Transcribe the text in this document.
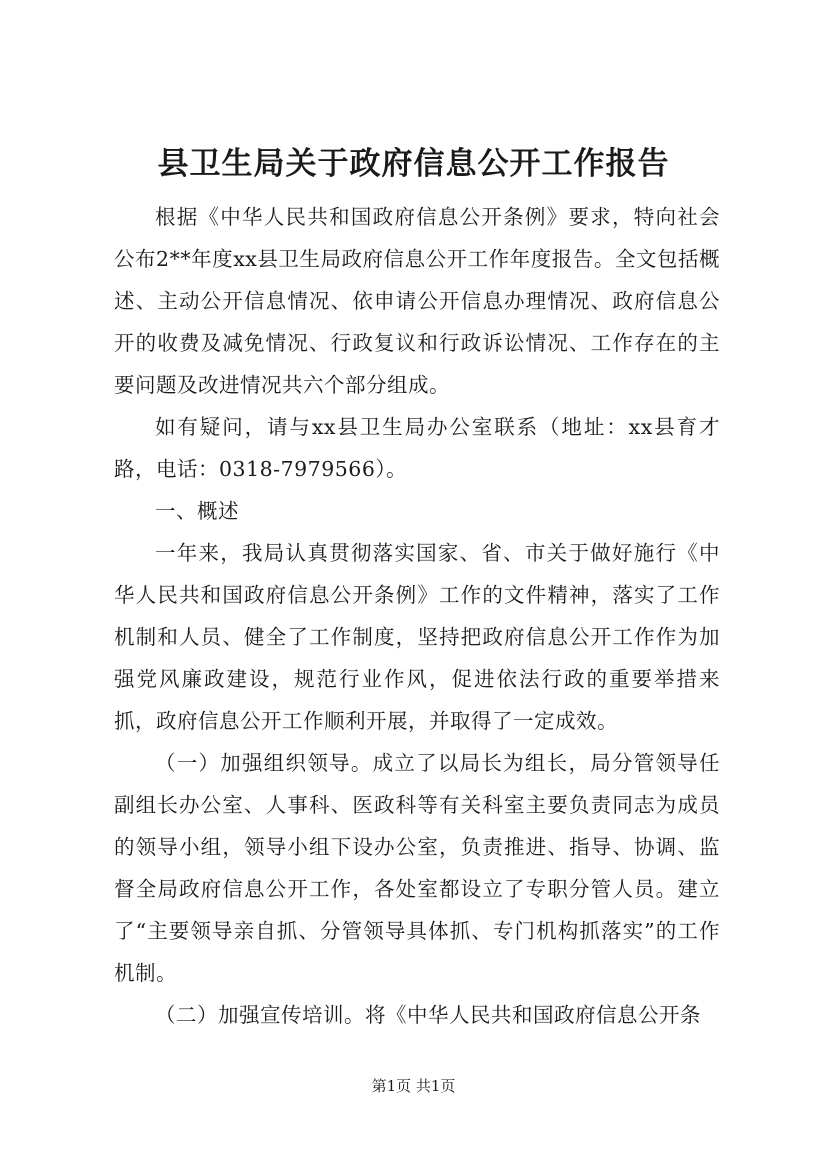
县卫生局关于政府信息公开工作报告

根据《中华人民共和国政府信息公开条例》要求，特向社会公布2**年度xx县卫生局政府信息公开工作年度报告。全文包括概述、主动公开信息情况、依申请公开信息办理情况、政府信息公开的收费及减免情况、行政复议和行政诉讼情况、工作存在的主要问题及改进情况共六个部分组成。

如有疑问，请与xx县卫生局办公室联系（地址：xx县育才路，电话：0318-7979566）。

一、概述

一年来，我局认真贯彻落实国家、省、市关于做好施行《中华人民共和国政府信息公开条例》工作的文件精神，落实了工作机制和人员、健全了工作制度，坚持把政府信息公开工作作为加强党风廉政建设，规范行业作风，促进依法行政的重要举措来抓，政府信息公开工作顺利开展，并取得了一定成效。

（一）加强组织领导。成立了以局长为组长，局分管领导任副组长办公室、人事科、医政科等有关科室主要负责同志为成员的领导小组，领导小组下设办公室，负责推进、指导、协调、监督全局政府信息公开工作，各处室都设立了专职分管人员。建立了“主要领导亲自抓、分管领导具体抓、专门机构抓落实”的工作机制。

（二）加强宣传培训。将《中华人民共和国政府信息公开条

第1页 共1页
